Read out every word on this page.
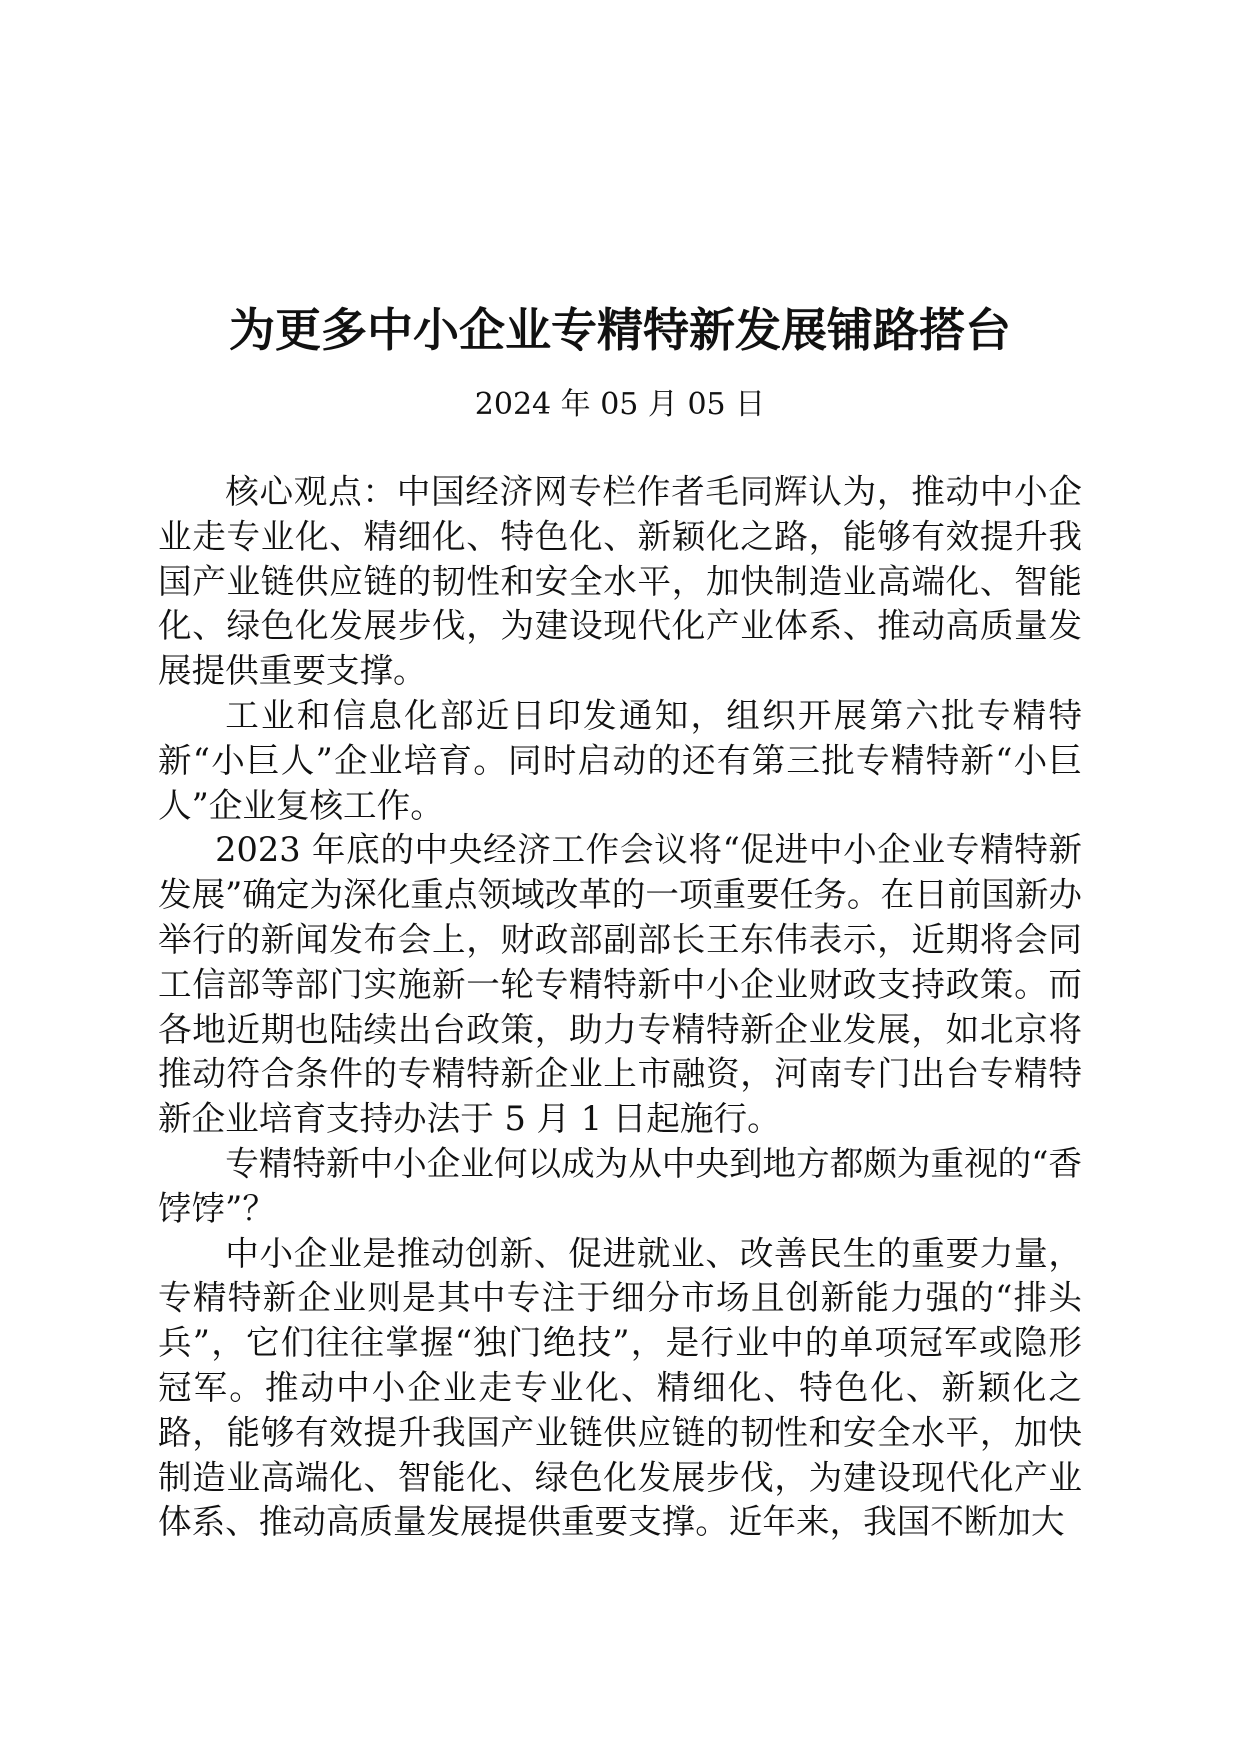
为更多中小企业专精特新发展铺路搭台
2024 年 05 月 05 日

核心观点：中国经济网专栏作者毛同辉认为，推动中小企业走专业化、精细化、特色化、新颖化之路，能够有效提升我国产业链供应链的韧性和安全水平，加快制造业高端化、智能化、绿色化发展步伐，为建设现代化产业体系、推动高质量发展提供重要支撑。

工业和信息化部近日印发通知，组织开展第六批专精特新“小巨人”企业培育。同时启动的还有第三批专精特新“小巨人”企业复核工作。

2023 年底的中央经济工作会议将“促进中小企业专精特新发展”确定为深化重点领域改革的一项重要任务。在日前国新办举行的新闻发布会上，财政部副部长王东伟表示，近期将会同工信部等部门实施新一轮专精特新中小企业财政支持政策。而各地近期也陆续出台政策，助力专精特新企业发展，如北京将推动符合条件的专精特新企业上市融资，河南专门出台专精特新企业培育支持办法于 5 月 1 日起施行。

专精特新中小企业何以成为从中央到地方都颇为重视的“香饽饽”？

中小企业是推动创新、促进就业、改善民生的重要力量，专精特新企业则是其中专注于细分市场且创新能力强的“排头兵”，它们往往掌握“独门绝技”，是行业中的单项冠军或隐形冠军。推动中小企业走专业化、精细化、特色化、新颖化之路，能够有效提升我国产业链供应链的韧性和安全水平，加快制造业高端化、智能化、绿色化发展步伐，为建设现代化产业体系、推动高质量发展提供重要支撑。近年来，我国不断加大
